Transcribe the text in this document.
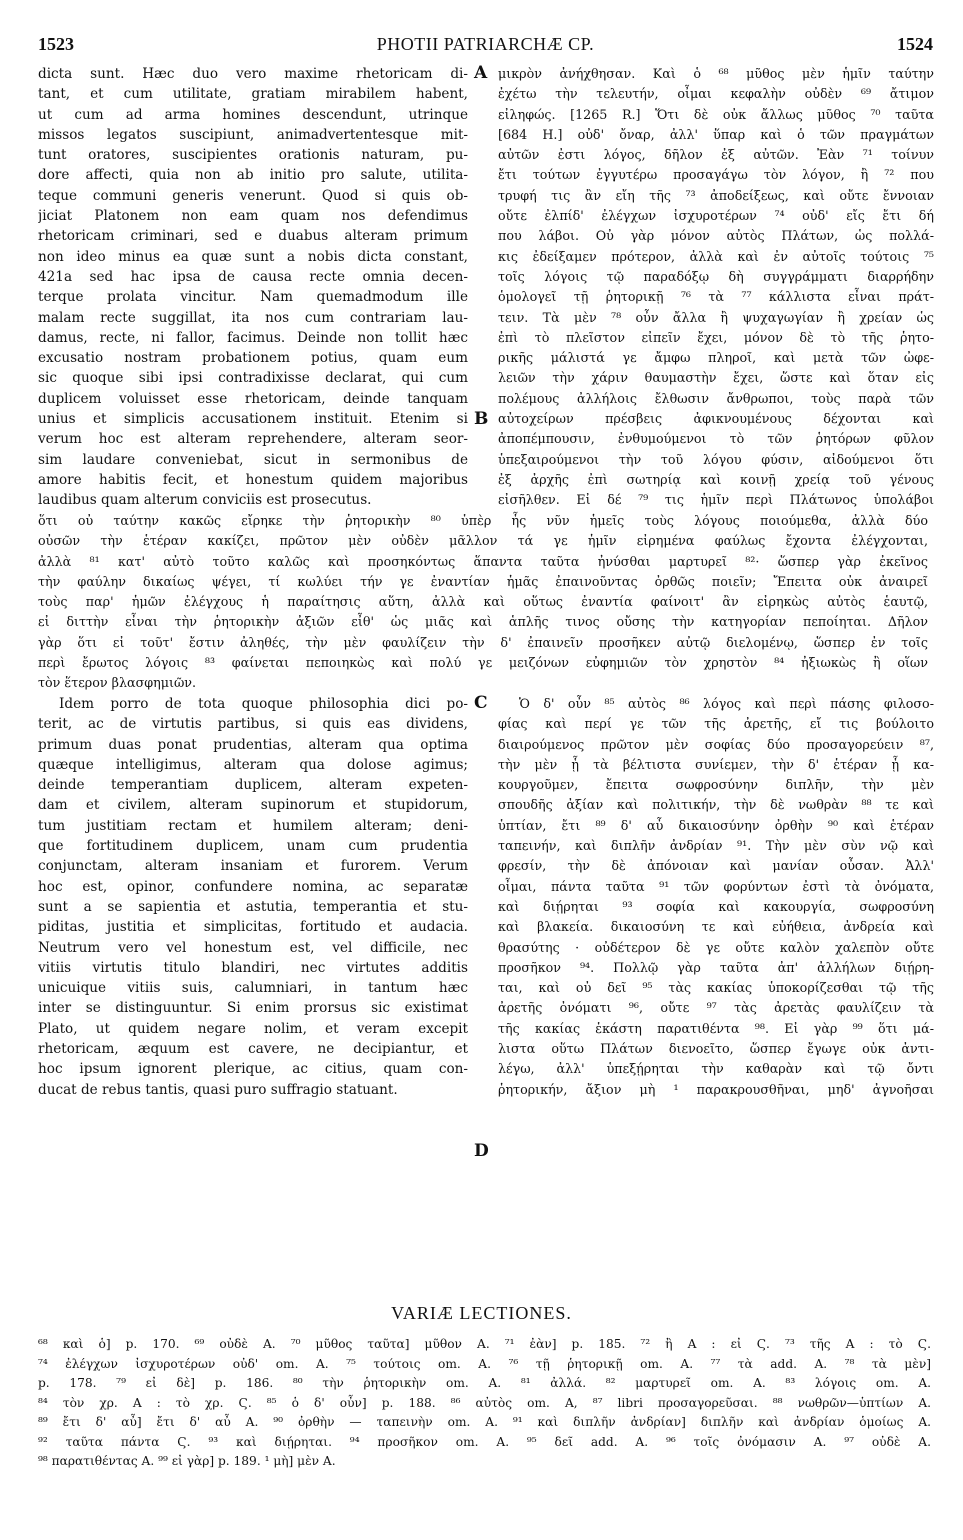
1523	PHOTII PATRIARCHÆ CP.	1524
dicta sunt. Hæc duo vero maxime rhetoricam di-
tant, et cum utilitate, gratiam mirabilem habent,
ut cum ad arma homines descendunt, utrinque
missos legatos suscipiunt, animadvertentesque mit-
tunt oratores, suscipientes orationis naturam, pu-
dore affecti, quia non ab initio pro salute, utilita-
teque communi generis venerunt. Quod si quis ob-
jiciat Platonem non eam quam nos defendimus
rhetoricam criminari, sed e duabus alteram primum
non ideo minus ea quæ sunt a nobis dicta constant,
421a sed hac ipsa de causa recte omnia decen-
terque prolata vincitur. Nam quemadmodum ille
malam recte suggillat, ita nos cum contrariam lau-
damus, recte, ni fallor, facimus. Deinde non tollit hæc
excusatio nostram probationem potius, quam eum
sic quoque sibi ipsi contradixisse declarat, qui cum
duplicem voluisset esse rhetoricam, deinde tanquam
unius et simplicis accusationem instituit. Etenim si
verum hoc est alteram reprehendere, alteram seor-
sim laudare conveniebat, sicut in sermonibus de
amore habitis fecit, et honestum quidem majoribus
laudibus quam alterum conviciis est prosecutus.
μικρὸν ἀνήχθησαν. Καὶ ὁ ⁶⁸ μῦθος μὲν ἡμῖν ταύτην
ἐχέτω τὴν τελευτήν, οἶμαι κεφαλὴν οὐδὲν ⁶⁹ ἄτιμον
εἰληφώς. [1265 R.] Ὅτι δὲ οὐκ ἄλλως μῦθος ⁷⁰ ταῦτα
[684 H.] οὐδ' ὄναρ, ἀλλ' ὕπαρ καὶ ὁ τῶν πραγμάτων
αὐτῶν ἐστι λόγος, δῆλον ἐξ αὐτῶν. Ἐὰν ⁷¹ τοίνυν
ἔτι τούτων ἐγγυτέρω προσαγάγω τὸν λόγον, ἢ ⁷² που
τρυφή τις ἂν εἴη τῆς ⁷³ ἀποδείξεως, καὶ οὔτε ἔννοιαν
οὔτε ἐλπίδ' ἐλέγχων ἰσχυροτέρων ⁷⁴ οὐδ' εἴς ἔτι δή
που λάβοι. Οὐ γὰρ μόνον αὐτὸς Πλάτων, ὡς πολλά-
κις ἐδείξαμεν πρότερον, ἀλλὰ καὶ ἐν αὐτοῖς τούτοις ⁷⁵
τοῖς λόγοις τῷ παραδόξῳ δὴ συγγράμματι διαρρήδην
ὁμολογεῖ τῇ ῥητορικῇ ⁷⁶ τὰ ⁷⁷ κάλλιστα εἶναι πράτ-
τειν. Τὰ μὲν ⁷⁸ οὖν ἄλλα ἢ ψυχαγωγίαν ἢ χρείαν ὡς
ἐπὶ τὸ πλεῖστον εἰπεῖν ἔχει, μόνον δὲ τὸ τῆς ῥητο-
ρικῆς μάλιστά γε ἄμφω πληροῖ, καὶ μετὰ τῶν ὠφε-
λειῶν τὴν χάριν θαυμαστὴν ἔχει, ὥστε καὶ ὅταν εἰς
πολέμους ἀλλήλοις ἔλθωσιν ἄνθρωποι, τοὺς παρὰ τῶν
αὐτοχείρων πρέσβεις ἀφικνουμένους δέχονται καὶ
ἀποπέμπουσιν, ἐνθυμούμενοι τὸ τῶν ῥητόρων φῦλον
ὑπεξαιρούμενοι τὴν τοῦ λόγου φύσιν, αἰδούμενοι ὅτι
ἐξ ἀρχῆς ἐπὶ σωτηρίᾳ καὶ κοινῇ χρείᾳ τοῦ γένους
εἰσῆλθεν. Εἰ δέ ⁷⁹ τις ἡμῖν περὶ Πλάτωνος ὑπολάβοι
A
B
ὅτι οὐ ταύτην κακῶς εἴρηκε τὴν ῥητορικὴν ⁸⁰ ὑπὲρ ἧς νῦν ἡμεῖς τοὺς λόγους ποιούμεθα, ἀλλὰ δύο
οὐσῶν τὴν ἑτέραν κακίζει, πρῶτον μὲν οὐδὲν μᾶλλον τά γε ἡμῖν εἰρημένα φαύλως ἔχοντα ἐλέγχονται,
ἀλλὰ ⁸¹ κατ' αὐτὸ τοῦτο καλῶς καὶ προσηκόντως ἅπαντα ταῦτα ἠνύσθαι μαρτυρεῖ ⁸²· ὥσπερ γὰρ ἐκεῖνος
τὴν φαύλην δικαίως ψέγει, τί κωλύει τήν γε ἐναντίαν ἡμᾶς ἐπαινοῦντας ὀρθῶς ποιεῖν; Ἔπειτα οὐκ ἀναιρεῖ
τοὺς παρ' ἡμῶν ἐλέγχους ἡ παραίτησις αὕτη, ἀλλὰ καὶ οὕτως ἐναντία φαίνοιτ' ἂν εἰρηκὼς αὐτὸς ἑαυτῷ,
εἰ διττὴν εἶναι τὴν ῥητορικὴν ἀξιῶν εἶθ' ὡς μιᾶς καὶ ἁπλῆς τινος οὔσης τὴν κατηγορίαν πεποίηται. Δῆλον
γὰρ ὅτι εἰ τοῦτ' ἔστιν ἀληθές, τὴν μὲν φαυλίζειν τὴν δ' ἐπαινεῖν προσῆκεν αὐτῷ διελομένῳ, ὥσπερ ἐν τοῖς
περὶ ἔρωτος λόγοις ⁸³ φαίνεται πεποιηκὼς καὶ πολύ γε μειζόνων εὐφημιῶν τὸν χρηστὸν ⁸⁴ ἠξιωκὼς ἢ οἵων
τὸν ἕτερον βλασφημιῶν.
Idem porro de tota quoque philosophia dici po-
terit, ac de virtutis partibus, si quis eas dividens,
primum duas ponat prudentias, alteram qua optima
quæque intelligimus, alteram qua dolose agimus;
deinde temperantiam duplicem, alteram expeten-
dam et civilem, alteram supinorum et stupidorum,
tum justitiam rectam et humilem alteram; deni-
que fortitudinem duplicem, unam cum prudentia
conjunctam, alteram insaniam et furorem. Verum
hoc est, opinor, confundere nomina, ac separatæ
sunt a se sapientia et astutia, temperantia et stu-
piditas, justitia et simplicitas, fortitudo et audacia.
Neutrum vero vel honestum est, vel difficile, nec
vitiis virtutis titulo blandiri, nec virtutes additis
unicuique vitiis suis, calumniari, in tantum hæc
inter se distinguuntur. Si enim prorsus sic existimat
Plato, ut quidem negare nolim, et veram excepit
rhetoricam, æquum est cavere, ne decipiantur, et
hoc ipsum ignorent plerique, ac citius, quam con-
ducat de rebus tantis, quasi puro suffragio statuant.
Ὁ δ' οὖν ⁸⁵ αὐτὸς ⁸⁶ λόγος καὶ περὶ πάσης φιλοσο-
φίας καὶ περί γε τῶν τῆς ἀρετῆς, εἴ τις βούλοιτο
διαιρούμενος πρῶτον μὲν σοφίας δύο προσαγορεύειν ⁸⁷,
τὴν μὲν ᾗ τὰ βέλτιστα συνίεμεν, τὴν δ' ἑτέραν ᾗ κα-
κουργοῦμεν, ἔπειτα σωφροσύνην διπλῆν, τὴν μὲν
σπουδῆς ἀξίαν καὶ πολιτικήν, τὴν δὲ νωθρὰν ⁸⁸ τε καὶ
ὑπτίαν, ἔτι ⁸⁹ δ' αὖ δικαιοσύνην ὀρθὴν ⁹⁰ καὶ ἑτέραν
ταπεινήν, καὶ διπλῆν ἀνδρίαν ⁹¹. Τὴν μὲν σὺν νῷ καὶ
φρεσίν, τὴν δὲ ἀπόνοιαν καὶ μανίαν οὖσαν. Ἀλλ'
οἶμαι, πάντα ταῦτα ⁹¹ τῶν φορύντων ἐστὶ τὰ ὀνόματα,
καὶ διῄρηται ⁹³ σοφία καὶ κακουργία, σωφροσύνη
καὶ βλακεία. δικαιοσύνη τε καὶ εὐήθεια, ἀνδρεία καὶ
θρασύτης · οὐδέτερον δὲ γε οὔτε καλὸν χαλεπὸν οὔτε
προσῆκον ⁹⁴. Πολλῷ γὰρ ταῦτα ἀπ' ἀλλήλων διῄρη-
ται, καὶ οὐ δεῖ ⁹⁵ τὰς κακίας ὑποκορίζεσθαι τῷ τῆς
ἀρετῆς ὀνόματι ⁹⁶, οὔτε ⁹⁷ τὰς ἀρετὰς φαυλίζειν τὰ
τῆς κακίας ἑκάστη παρατιθέντα ⁹⁸. Εἰ γὰρ ⁹⁹ ὅτι μά-
λιστα οὕτω Πλάτων διενοεῖτο, ὥσπερ ἔγωγε οὐκ ἀντι-
λέγω, ἀλλ' ὑπεξῄρηται τὴν καθαρὰν καὶ τῷ ὄντι
ῥητορικήν, ἄξιον μὴ ¹ παρακρουσθῆναι, μηδ' ἀγνοῆσαι
C
D
VARIÆ LECTIONES.
⁶⁸ καὶ ὁ] p. 170. ⁶⁹ οὐδὲ A. ⁷⁰ μῦθος ταῦτα] μῦθον A. ⁷¹ ἐὰν] p. 185. ⁷² ἢ A : εἰ Ϛ. ⁷³ τῆς A : τὸ Ϛ.
⁷⁴ ἐλέγχων ἰσχυροτέρων οὐδ' om. A. ⁷⁵ τούτοις om. A. ⁷⁶ τῇ ῥητορικῇ om. A. ⁷⁷ τὰ add. A. ⁷⁸ τὰ μὲν]
p. 178. ⁷⁹ εἰ δὲ] p. 186. ⁸⁰ τὴν ῥητορικὴν om. A. ⁸¹ ἀλλά. ⁸² μαρτυρεῖ om. A. ⁸³ λόγοις om. A.
⁸⁴ τὸν χρ. A : τὸ χρ. Ϛ. ⁸⁵ ὁ δ' οὖν] p. 188. ⁸⁶ αὐτὸς om. A, ⁸⁷ libri προσαγορεῦσαι. ⁸⁸ νωθρῶν—ὑπτίων A.
⁸⁹ ἔτι δ' αὖ] ἔτι δ' αὖ A. ⁹⁰ ὀρθὴν — ταπεινὴν om. A. ⁹¹ καὶ διπλῆν ἀνδρίαν] διπλῆν καὶ ἀνδρίαν ὁμοίως A.
⁹² ταῦτα πάντα Ϛ. ⁹³ καὶ διῄρηται. ⁹⁴ προσῆκον om. A. ⁹⁵ δεῖ add. A. ⁹⁶ τοῖς ὀνόμασιν A. ⁹⁷ οὐδὲ A.
⁹⁸ παρατιθέντας A. ⁹⁹ εἰ γὰρ] p. 189. ¹ μὴ] μὲν A.
